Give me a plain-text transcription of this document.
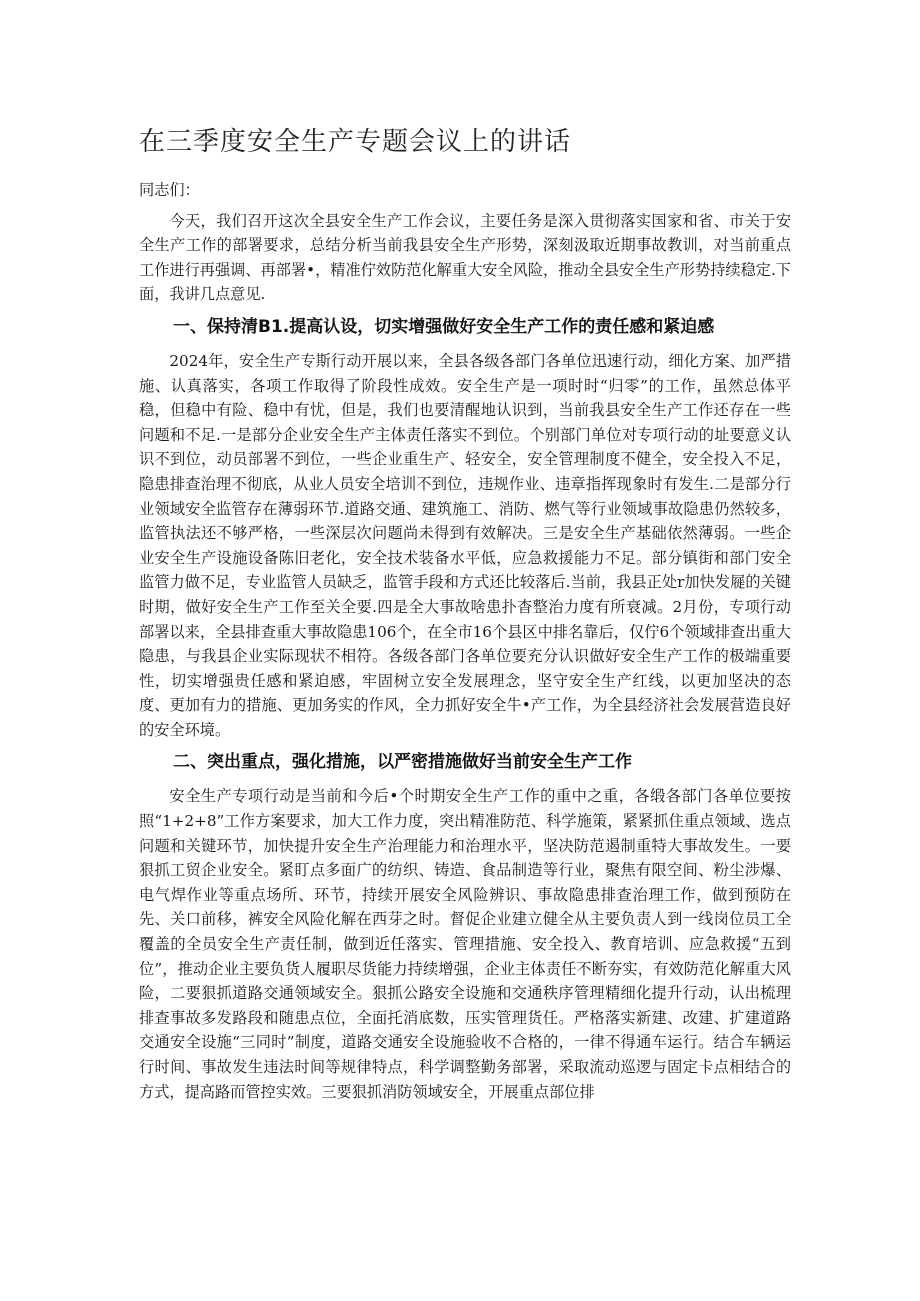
在三季度安全生产专题会议上的讲话

同志们：

今天，我们召开这次全县安全生产工作会议，主要任务是深入贯彻落实国家和省、市关于安全生产工作的部署要求，总结分析当前我县安全生产形势，深刻汲取近期事故教训，对当前重点工作进行再强调、再部署•，精准佇效防范化解重大安全风险，推动全县安全生产形势持续稳定.下面，我讲几点意见.

一、保持清B1.提高认设，切实增强做好安全生产工作的责任感和紧迫感

2024年，安全生产专斯行动开展以来，全县各级各部门各单位迅速行动，细化方案、加严措施、认真落实，各项工作取得了阶段性成效。安全生产是一项时时“归零”的工作，虽然总体平稳，但稳中有险、稳中有忧，但是，我们也要清醒地认识到，当前我县安全生产工作还存在一些问题和不足.一是部分企业安全生产主体责任落实不到位。个别部门单位对专项行动的址要意义认识不到位，动员部署不到位，一些企业重生产、轻安全，安全管理制度不健全，安全投入不足，隐患排查治理不彻底，从业人员安全培训不到位，违规作业、违章指挥现象时有发生.二是部分行业领域安全监管存在薄弱环节.道路交通、建筑施工、消防、燃气等行业领域事故隐患仍然较多，监管执法还不够严格，一些深层次问题尚未得到有效解决。三是安全生产基础依然薄弱。一些企业安全生产设施设备陈旧老化，安全技术装备水平低，应急救援能力不足。部分镇街和部门安全监管力做不足，专业监管人员缺乏，监管手段和方式还比较落后.当前，我县正处r加快发屣的关键时期，做好安全生产工作至关全要.四是全大事故啥患扑杳整治力度有所衰减。2月份，专项行动部署以来，全县排查重大事故隐患106个，在全市16个县区中排名靠后，仅佇6个领域排查出重大隐患，与我县企业实际现状不相符。各级各部门各单位要充分认识做好安全生产工作的极端重要性，切实增强贵任感和紧迫感，牢固树立安全发展理念，坚守安全生产红线，以更加坚决的态度、更加有力的措施、更加务实的作风，全力抓好安全牛•产工作，为全县经济社会发展营造良好的安全环境。

二、突出重点，强化措施，以严密措施做好当前安全生产工作

安全生产专项行动是当前和今后•个时期安全生产工作的重中之重，各缎各部门各单位要按照“1+2+8”工作方案要求，加大工作力度，突出精准防范、科学施策，紧紧抓住重点领域、选点问题和关键环节，加快提升安全生产治理能力和治理水平，坚决防范遏制重特大事故发生。一要狠抓工贸企业安全。紧盯点多面广的纺织、铸造、食品制造等行业，聚焦有限空间、粉尘涉爆、电气焊作业等重点场所、环节，持续开展安全风险辨识、事故隐患排查治理工作，做到预防在先、关口前移，裤安全风险化解在西芽之时。督促企业建立健全从主要负责人到一线岗位员工全覆盖的全员安全生产责任制，做到近任落实、管理措施、安全投入、教育培训、应急救援“五到位”，推动企业主要负货人履职尽货能力持续增强，企业主体责任不断夯实，有效防范化解重大风险，二要狠抓道路交通领域安全。狠抓公路安全设施和交通秩序管理精细化提升行动，认出梳理排查事故多发路段和随患点位，全面托消底数，压实管理货任。严格落实新建、改建、扩建道路交通安全设施“三同时”制度，道路交通安全设施验收不合格的，一律不得通车运行。结合车辆运行时间、事故发生违法时间等规律特点，科学调整勤务部署，采取流动巡逻与固定卡点相结合的方式，提高路而管控实效。三要狠抓消防领域安全，开展重点部位排
